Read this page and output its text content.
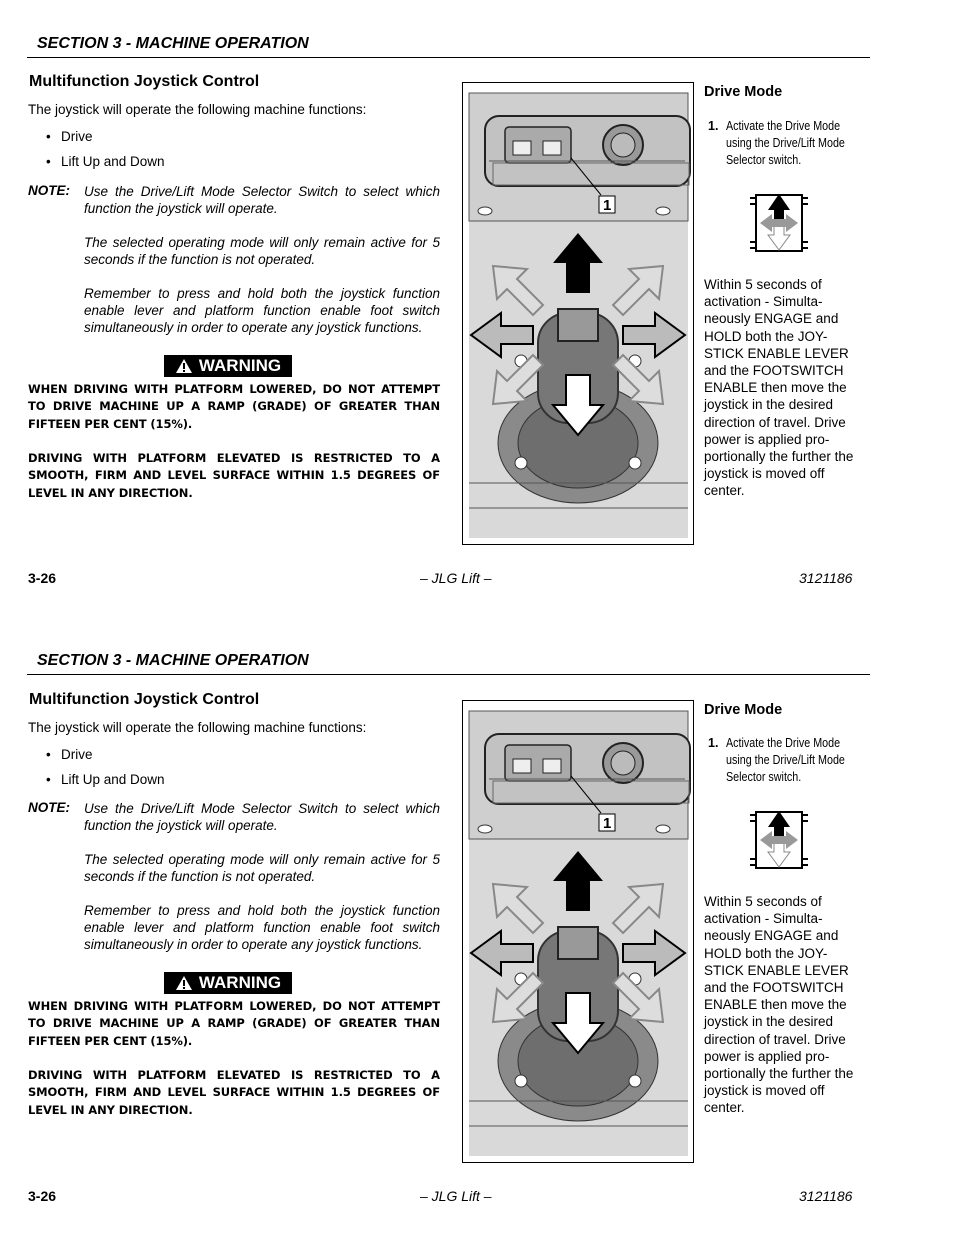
SECTION 3 - MACHINE OPERATION
Multifunction Joystick Control
The joystick will operate the following machine functions:
• Drive
• Lift Up and Down
NOTE: Use the Drive/Lift Mode Selector Switch to select which function the joystick will operate.
The selected operating mode will only remain active for 5 seconds if the function is not operated.
Remember to press and hold both the joystick function enable lever and platform function enable foot switch simultaneously in order to operate any joystick functions.
WARNING
WHEN DRIVING WITH PLATFORM LOWERED, DO NOT ATTEMPT TO DRIVE MACHINE UP A RAMP (GRADE) OF GREATER THAN FIFTEEN PER CENT (15%).
DRIVING WITH PLATFORM ELEVATED IS RESTRICTED TO A SMOOTH, FIRM AND LEVEL SURFACE WITHIN 1.5 DEGREES OF LEVEL IN ANY DIRECTION.
1
Drive Mode
1. Activate the Drive Mode using the Drive/Lift Mode Selector switch.
Within 5 seconds of activation - Simulta-neously ENGAGE and HOLD both the JOY-STICK ENABLE LEVER and the FOOTSWITCH ENABLE then move the joystick in the desired direction of travel. Drive power is applied pro-portionally the further the joystick is moved off center.
3-26	– JLG Lift –	3121186
SECTION 3 - MACHINE OPERATION
Multifunction Joystick Control
The joystick will operate the following machine functions:
• Drive
• Lift Up and Down
NOTE: Use the Drive/Lift Mode Selector Switch to select which function the joystick will operate.
The selected operating mode will only remain active for 5 seconds if the function is not operated.
Remember to press and hold both the joystick function enable lever and platform function enable foot switch simultaneously in order to operate any joystick functions.
WARNING
WHEN DRIVING WITH PLATFORM LOWERED, DO NOT ATTEMPT TO DRIVE MACHINE UP A RAMP (GRADE) OF GREATER THAN FIFTEEN PER CENT (15%).
DRIVING WITH PLATFORM ELEVATED IS RESTRICTED TO A SMOOTH, FIRM AND LEVEL SURFACE WITHIN 1.5 DEGREES OF LEVEL IN ANY DIRECTION.
1
Drive Mode
1. Activate the Drive Mode using the Drive/Lift Mode Selector switch.
Within 5 seconds of activation - Simulta-neously ENGAGE and HOLD both the JOY-STICK ENABLE LEVER and the FOOTSWITCH ENABLE then move the joystick in the desired direction of travel. Drive power is applied pro-portionally the further the joystick is moved off center.
3-26	– JLG Lift –	3121186
